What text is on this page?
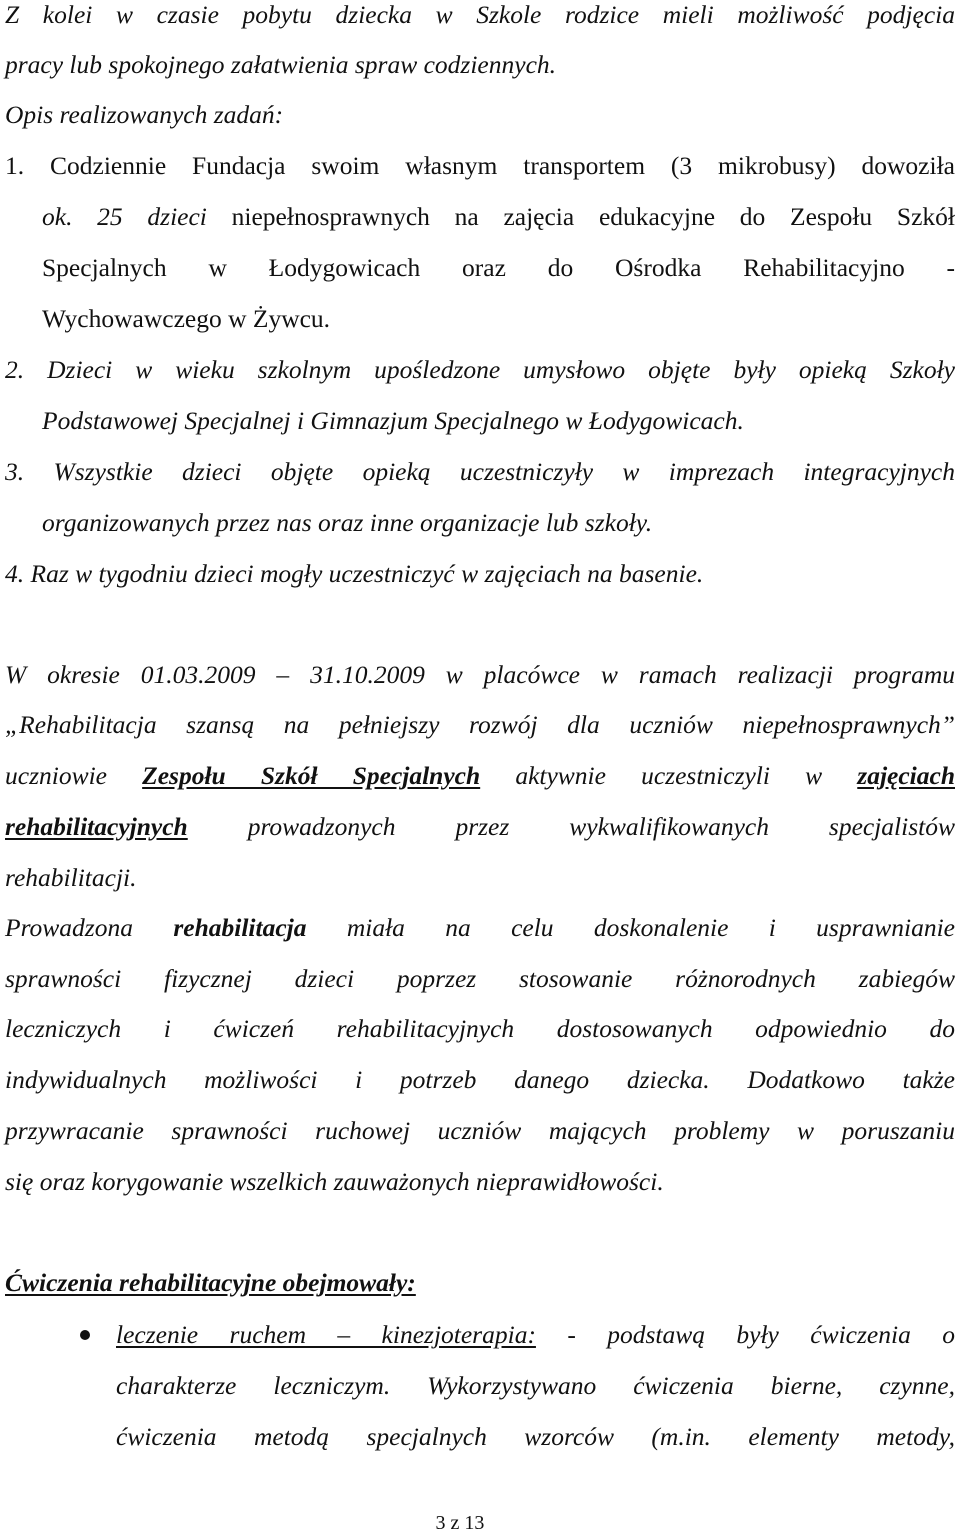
Z kolei w czasie pobytu dziecka w Szkole rodzice mieli możliwość podjęcia
pracy lub spokojnego załatwienia spraw codziennych.
Opis realizowanych zadań:
1. Codziennie Fundacja swoim własnym transportem (3 mikrobusy) dowoziła
ok. 25 dzieci niepełnosprawnych na zajęcia edukacyjne do Zespołu Szkół
Specjalnych w Łodygowicach oraz do Ośrodka Rehabilitacyjno -
Wychowawczego w Żywcu.
2. Dzieci w wieku szkolnym upośledzone umysłowo objęte były opieką Szkoły
Podstawowej Specjalnej i Gimnazjum Specjalnego w Łodygowicach.
3. Wszystkie dzieci objęte opieką uczestniczyły w imprezach integracyjnych
organizowanych przez nas oraz inne organizacje lub szkoły.
4. Raz w tygodniu dzieci mogły uczestniczyć w zajęciach na basenie.
W okresie 01.03.2009 – 31.10.2009 w placówce w ramach realizacji programu
„Rehabilitacja szansą na pełniejszy rozwój dla uczniów niepełnosprawnych”
uczniowie Zespołu Szkół Specjalnych aktywnie uczestniczyli w zajęciach
rehabilitacyjnych prowadzonych przez wykwalifikowanych specjalistów
rehabilitacji.
Prowadzona rehabilitacja miała na celu doskonalenie i usprawnianie
sprawności fizycznej dzieci poprzez stosowanie różnorodnych zabiegów
leczniczych i ćwiczeń rehabilitacyjnych dostosowanych odpowiednio do
indywidualnych możliwości i potrzeb danego dziecka. Dodatkowo także
przywracanie sprawności ruchowej uczniów mających problemy w poruszaniu
się oraz korygowanie wszelkich zauważonych nieprawidłowości.
Ćwiczenia rehabilitacyjne obejmowały:
leczenie ruchem – kinezjoterapia: - podstawą były ćwiczenia o
charakterze leczniczym. Wykorzystywano ćwiczenia bierne, czynne,
ćwiczenia metodą specjalnych wzorców (m.in. elementy metody,
3 z 13
